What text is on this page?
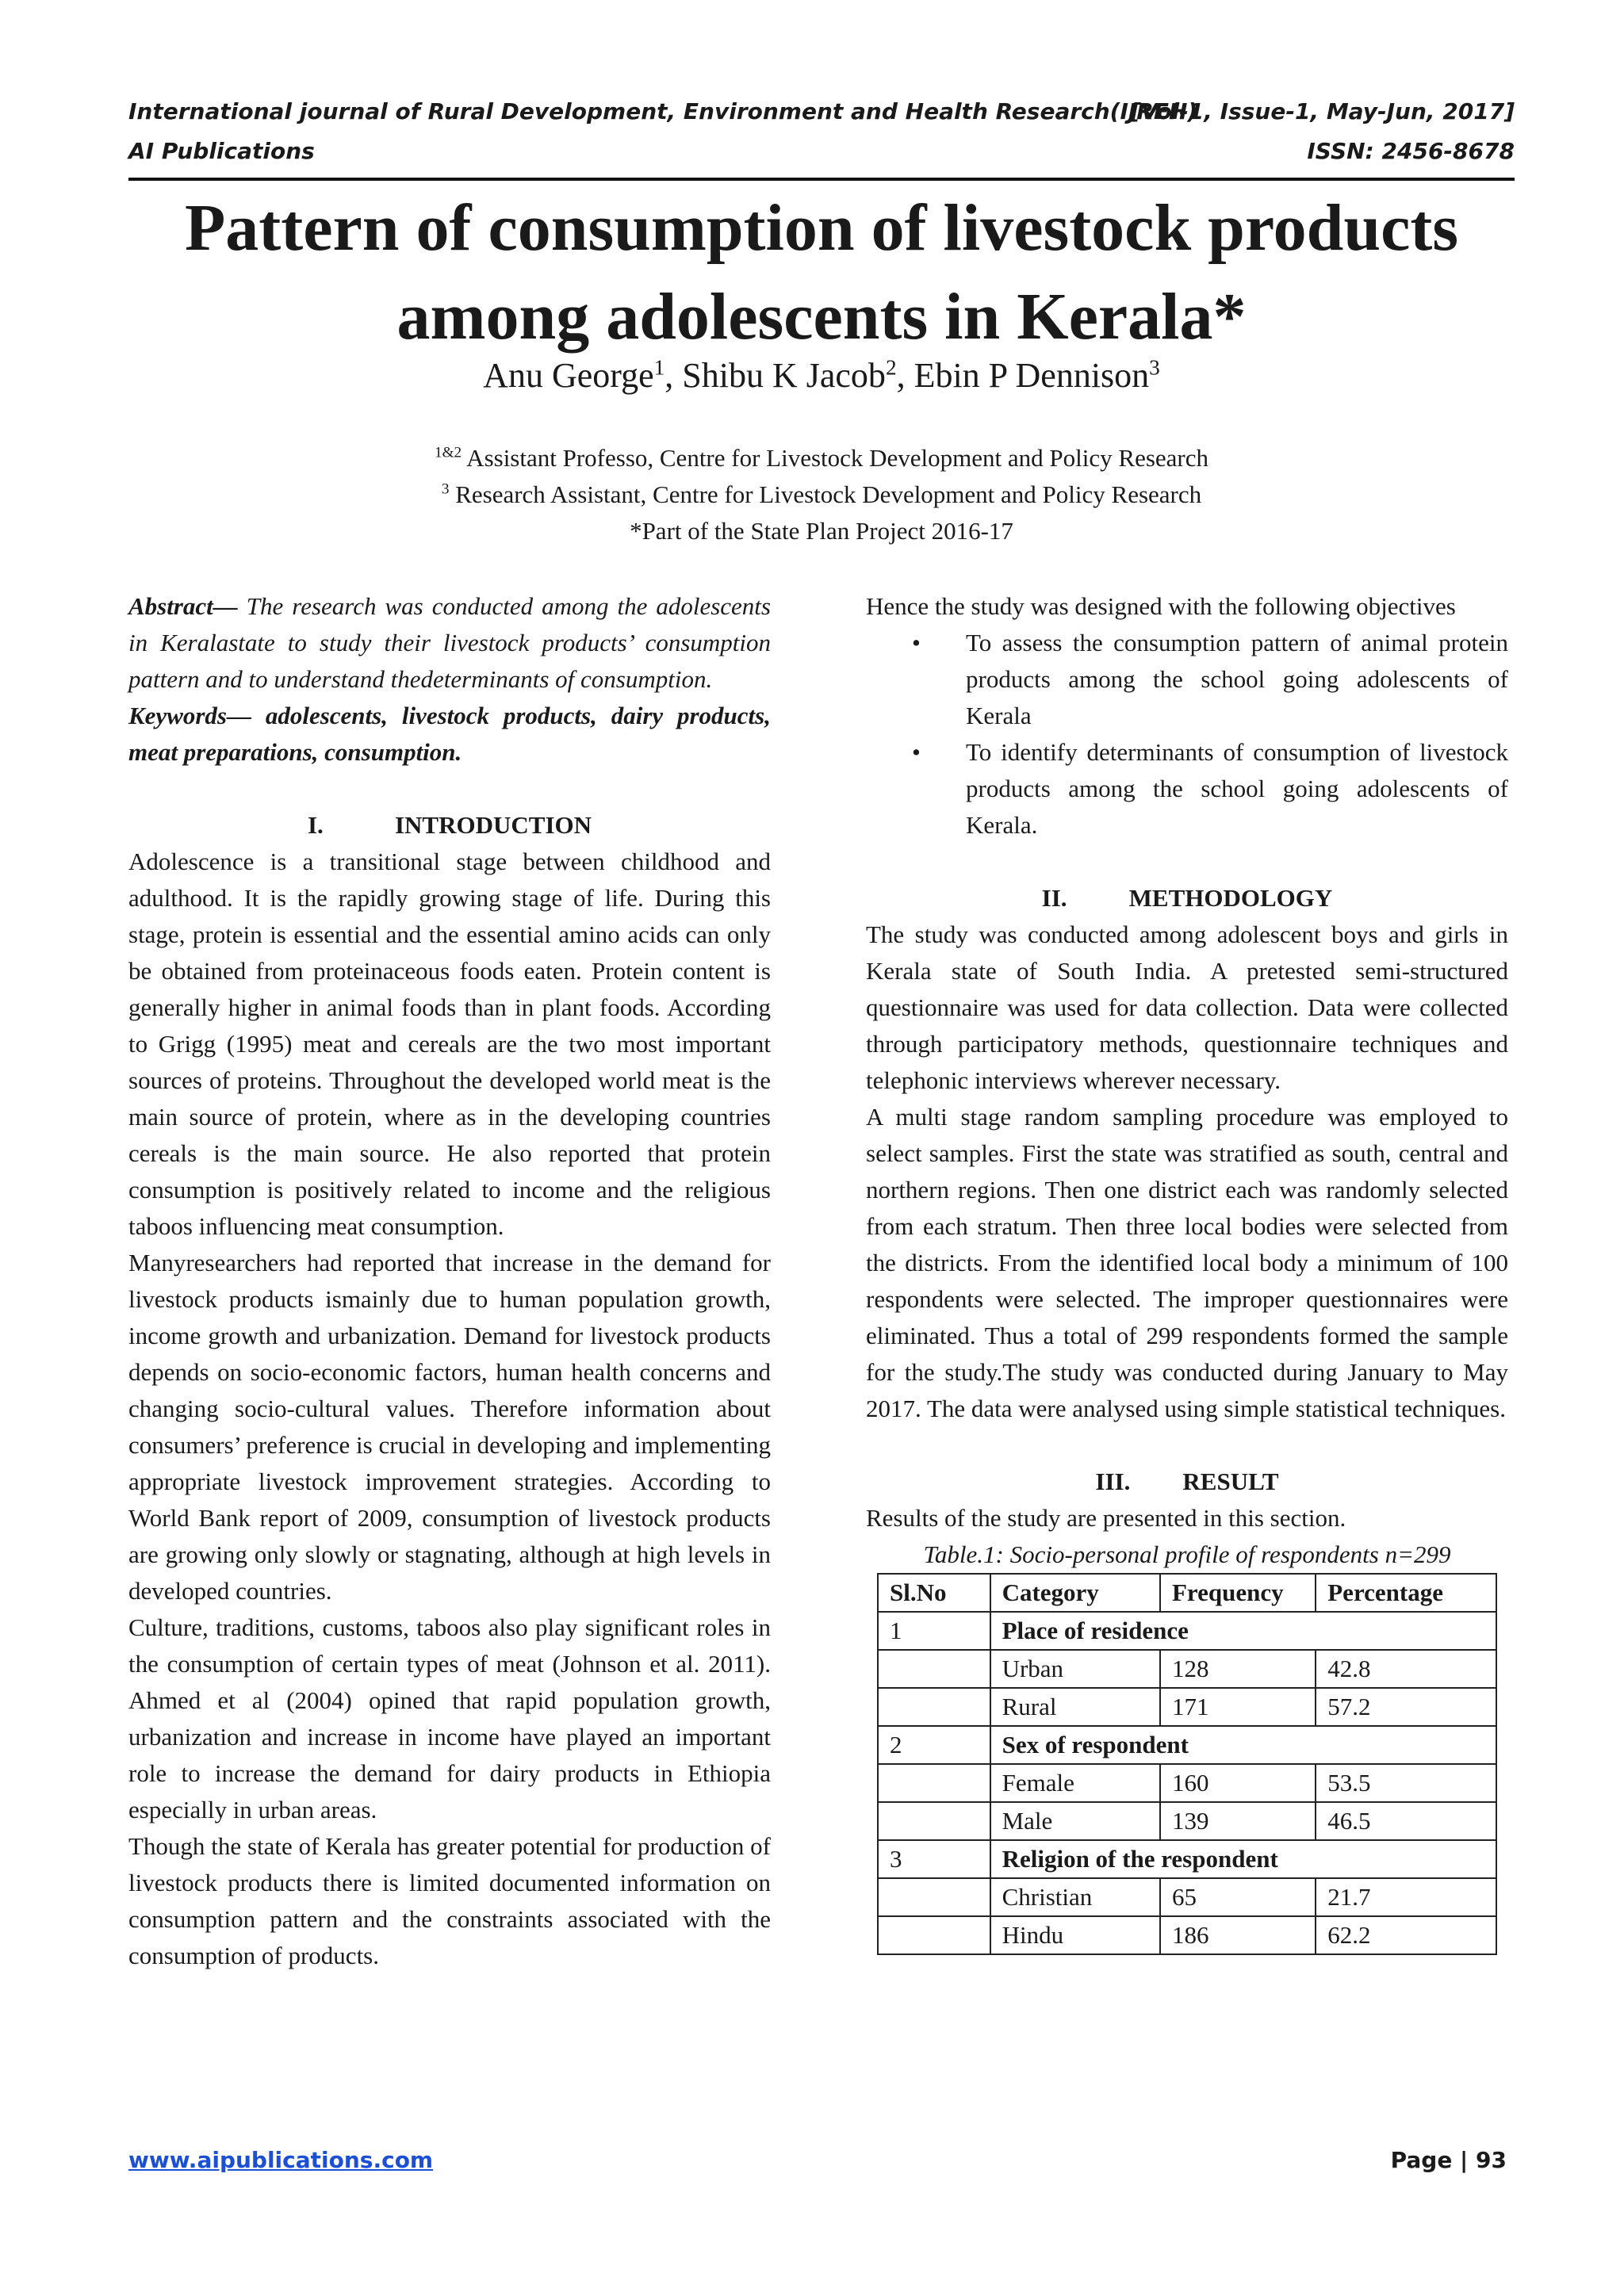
International journal of Rural Development, Environment and Health Research(IJREH)
[Vol-1, Issue-1, May-Jun, 2017]
AI Publications	ISSN: 2456-8678
Pattern of consumption of livestock products among adolescents in Kerala*
Anu George$^1$, Shibu K Jacob$^2$, Ebin P Dennison$^3$
$^{1\&2}$ Assistant Professo, Centre for Livestock Development and Policy Research
$^3$ Research Assistant, Centre for Livestock Development and Policy Research
*Part of the State Plan Project 2016-17

Abstract— The research was conducted among the adolescents in Keralastate to study their livestock products’ consumption pattern and to understand thedeterminants of consumption.

Keywords— adolescents, livestock products, dairy products, meat preparations, consumption.

I.	INTRODUCTION

Adolescence is a transitional stage between childhood and adulthood. It is the rapidly growing stage of life. During this stage, protein is essential and the essential amino acids can only be obtained from proteinaceous foods eaten. Protein content is generally higher in animal foods than in plant foods. According to Grigg (1995) meat and cereals are the two most important sources of proteins. Throughout the developed world meat is the main source of protein, where as in the developing countries cereals is the main source. He also reported that protein consumption is positively related to income and the religious taboos influencing meat consumption.

Manyresearchers had reported that increase in the demand for livestock products ismainly due to human population growth, income growth and urbanization. Demand for livestock products depends on socio-economic factors, human health concerns and changing socio-cultural values. Therefore information about consumers’ preference is crucial in developing and implementing appropriate livestock improvement strategies. According to World Bank report of 2009, consumption of livestock products are growing only slowly or stagnating, although at high levels in developed countries.

Culture, traditions, customs, taboos also play significant roles in the consumption of certain types of meat (Johnson et al. 2011). Ahmed et al (2004) opined that rapid population growth, urbanization and increase in income have played an important role to increase the demand for dairy products in Ethiopia especially in urban areas.

Though the state of Kerala has greater potential for production of livestock products there is limited documented information on consumption pattern and the constraints associated with the consumption of products.

Hence the study was designed with the following objectives

• To assess the consumption pattern of animal protein products among the school going adolescents of Kerala
• To identify determinants of consumption of livestock products among the school going adolescents of Kerala.

II.	METHODOLOGY

The study was conducted among adolescent boys and girls in Kerala state of South India. A pretested semi-structured questionnaire was used for data collection. Data were collected through participatory methods, questionnaire techniques and telephonic interviews wherever necessary.

A multi stage random sampling procedure was employed to select samples. First the state was stratified as south, central and northern regions. Then one district each was randomly selected from each stratum. Then three local bodies were selected from the districts. From the identified local body a minimum of 100 respondents were selected. The improper questionnaires were eliminated. Thus a total of 299 respondents formed the sample for the study.The study was conducted during January to May 2017. The data were analysed using simple statistical techniques.

III. RESULT

Results of the study are presented in this section.

Table.1: Socio-personal profile of respondents n=299

Sl.No	Category	Frequency	Percentage
1	Place of residence		
	Urban	128	42.8
	Rural	171	57.2
2	Sex of respondent		
	Female	160	53.5
	Male	139	46.5
3	Religion of the respondent		
	Christian	65	21.7
	Hindu	186	62.2
www.aipublications.com	Page | 93
